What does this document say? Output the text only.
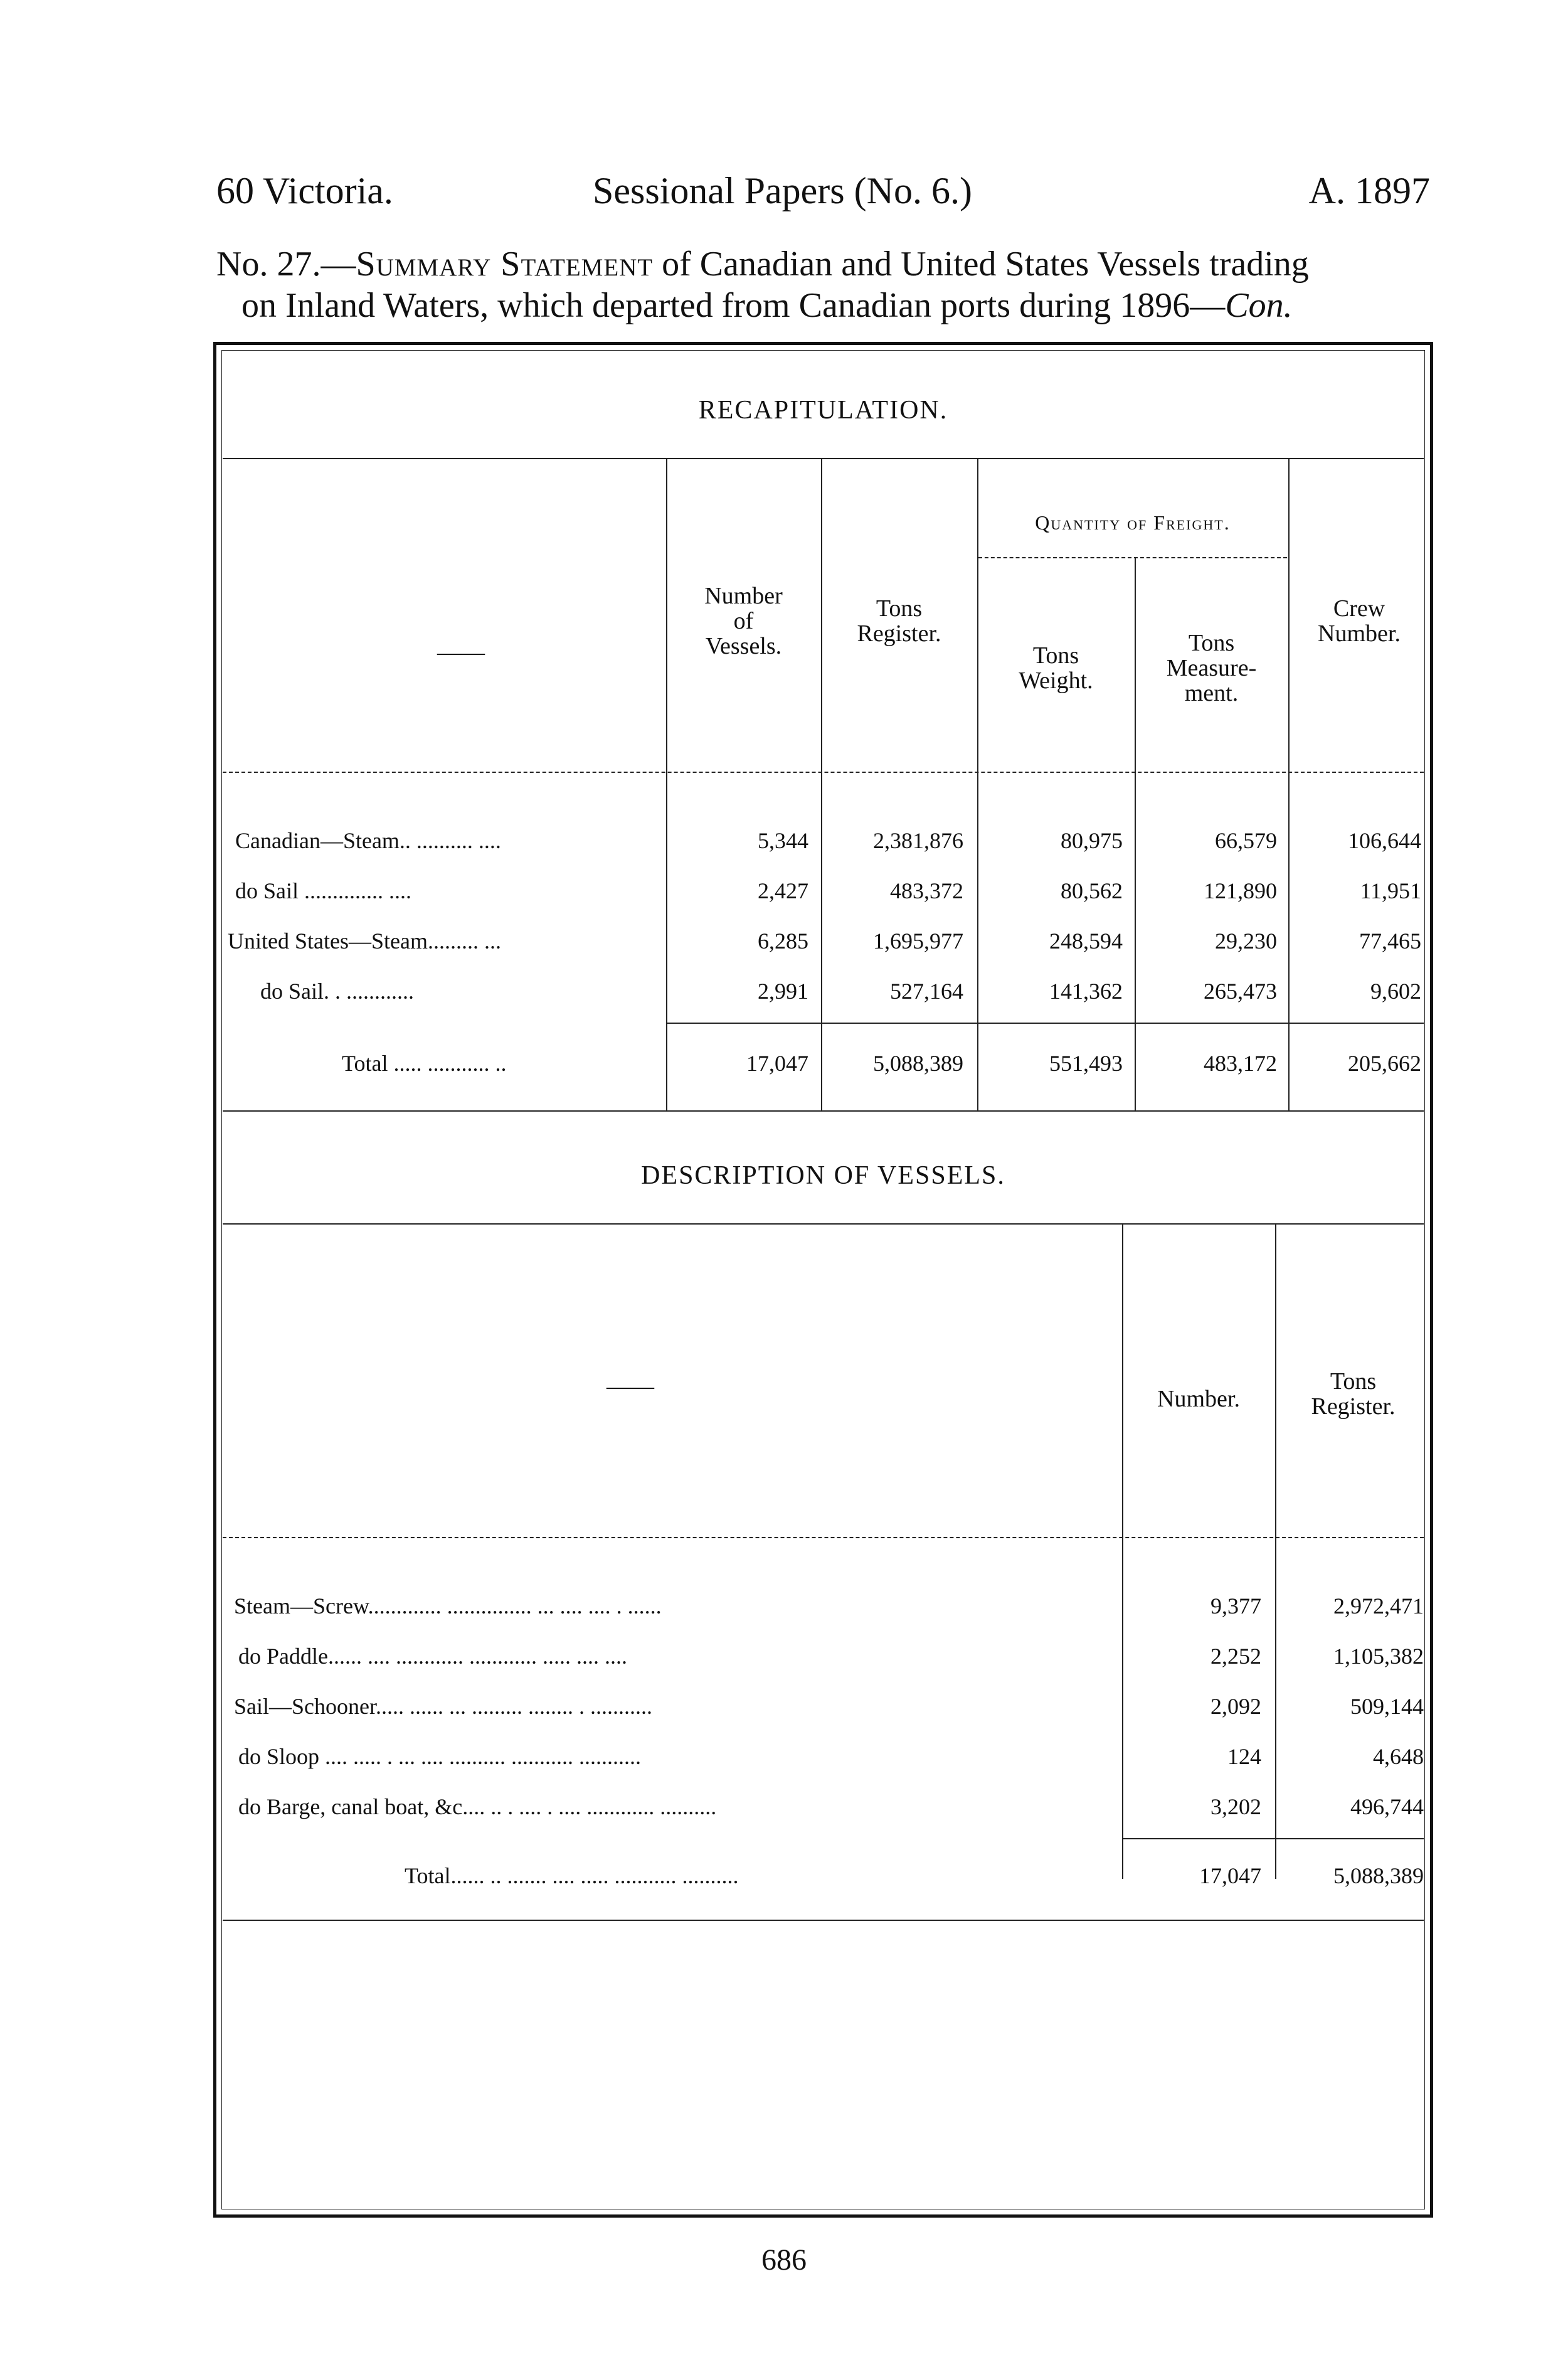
60 Victoria.	Sessional Papers (No. 6.)	A. 1897
No. 27.—Summary Statement of Canadian and United States Vessels trading
on Inland Waters, which departed from Canadian ports during 1896—Con.
RECAPITULATION.
Quantity of Freight.
——
Number
of
Vessels.
Tons
Register.
Tons
Weight.
Tons
Measure-
ment.
Crew
Number.
Canadian—Steam.. .......... ....	5,344	2,381,876	80,975	66,579	106,644
do Sail .............. ....	2,427	483,372	80,562	121,890	11,951
United States—Steam......... ...	6,285	1,695,977	248,594	29,230	77,465
do Sail. . ............	2,991	527,164	141,362	265,473	9,602
Total ..... ........... ..	17,047	5,088,389	551,493	483,172	205,662
DESCRIPTION OF VESSELS.
——	Number.
Tons
Register.
Steam—Screw............. ............... ... .... .... . ......	9,377	2,972,471
do Paddle...... .... ............ ............ ..... .... ....	2,252	1,105,382
Sail—Schooner..... ...... ... ......... ........ . ...........	2,092	509,144
do Sloop .... ..... . ... .... .......... ........... ...........	124	4,648
do Barge, canal boat, &c.... .. . .... . .... ............ ..........	3,202	496,744
Total...... .. ....... .... ..... ........... ..........	17,047	5,088,389
686
